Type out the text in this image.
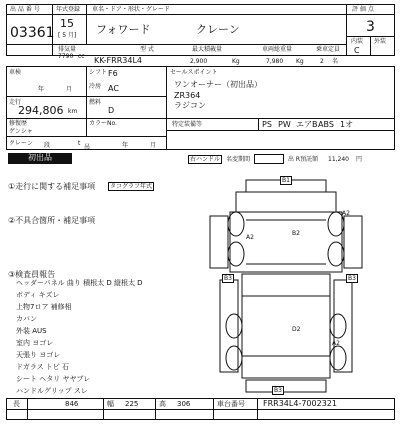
出 品 番 号
03361
年式登録
15
[ 5 月]
車名・ドア・形状・グレード
フォワード	クレーン
評 価 点
3
内装 外装
C
排気量
7790 cc
型 式
KK-FRR34L4
最大積載量
2,900	Kg
車両総重量
7,980 Kg
乗車定員
2 名
車検
年	月
シフト F6
冷房 AC
走行
294,806 km
燃料
D
修復歴
ゲンシャ
カラーNo.
クレーン 段	t
吊	年	月
セールスポイント
ワンオーナー（初出品）
ZR364
ラジコン
特定装備等	PS PW エアB ABS 1オ
初出品	右ハンドル 名変期間	出 R預託額 11,240 円
①走行に関する補足事項	タコグラフ年式
②不具合箇所・補足事項
③検査員報告
ヘッダーパネル 曲り 積根太 D 縦根太 D
ボディ キズレ
上物7ロア 補修相
カバン
外装 AUS
室内 ヨゴレ
天張り ヨゴレ
ドガラス トビ 石
シート ヘタリ ヤヤブレ
ハンドルグリップ スレ
B1
A2
A2
B2
B3	B3
D2
A2
B3
長	846	幅 225	高 306	車台番号 FRR34L4-7002321
